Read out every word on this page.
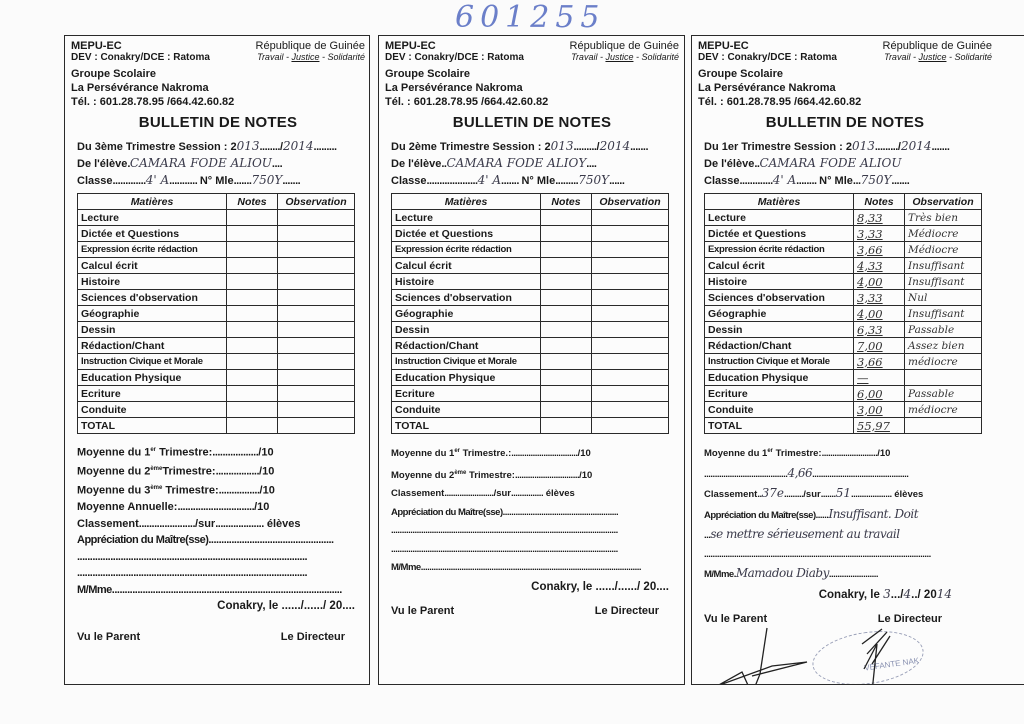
601255
MEPU-EC	République de Guinée
DEV : Conakry/DCE : Ratoma	Travail - Justice - Solidarité
Groupe Scolaire
La Persévérance Nakroma
Tél. : 601.28.78.95 /664.42.60.82
BULLETIN DE NOTES
Du 3ème Trimestre Session : 2013......../2014.........
De l'élève.CAMARA FODE ALIOU....
Classe.............4' A........... N° Mle.......750Y.......
Matières	Notes	Observation
Lecture		
Dictée et Questions		
Expression écrite rédaction		
Calcul écrit		
Histoire		
Sciences d'observation		
Géographie		
Dessin		
Rédaction/Chant		
Instruction Civique et Morale		
Education Physique		
Ecriture		
Conduite		
TOTAL		
Moyenne du 1er Trimestre:................../10
Moyenne du 2èmeTrimestre:................./10
Moyenne du 3ème Trimestre:................/10
Moyenne Annuelle:............................../10
Classement....................../sur................... élèves
Appréciation du Maître(sse).................................................
..........................................................................................
..........................................................................................
M/Mme..........................................................................................
Conakry, le ....../....../ 20....
Vu le Parent	Le Directeur
MEPU-EC	République de Guinée
DEV : Conakry/DCE : Ratoma	Travail - Justice - Solidarité
Groupe Scolaire
La Persévérance Nakroma
Tél. : 601.28.78.95 /664.42.60.82
BULLETIN DE NOTES
Du 2ème Trimestre Session : 2013........./2014.......
De l'élève..CAMARA FODE ALIOY....
Classe....................4' A....... N° Mle.........750Y......
Matières	Notes	Observation
Lecture		
Dictée et Questions		
Expression écrite rédaction		
Calcul écrit		
Histoire		
Sciences d'observation		
Géographie		
Dessin		
Rédaction/Chant		
Instruction Civique et Morale		
Education Physique		
Ecriture		
Conduite		
TOTAL		
Moyenne du 1er Trimestre.:.............................../10
Moyenne du 2ème Trimestre:............................../10
Classement......................./sur............... élèves
Appréciation du Maître(sse)......................................................
..........................................................................................................
..........................................................................................................
M/Mme.......................................................................................................
Conakry, le ....../....../ 20....
Vu le Parent	Le Directeur
MEPU-EC	République de Guinée
DEV : Conakry/DCE : Ratoma	Travail - Justice - Solidarité
Groupe Scolaire
La Persévérance Nakroma
Tél. : 601.28.78.95 /664.42.60.82
BULLETIN DE NOTES
Du 1er Trimestre Session : 2013........./2014.......
De l'élève..CAMARA FODE ALIOU
Classe.............4' A........ N° Mle...750Y.......
Matières	Notes	Observation
Lecture	8,33	Très bien
Dictée et Questions	3,33	Médiocre
Expression écrite rédaction	3,66	Médiocre
Calcul écrit	4,33	Insuffisant
Histoire	4,00	Insuffisant
Sciences d'observation	3,33	Nul
Géographie	4,00	Insuffisant
Dessin	6,33	Passable
Rédaction/Chant	7,00	Assez bien
Instruction Civique et Morale	3,66	médiocre
Education Physique	—	
Ecriture	6,00	Passable
Conduite	3,00	médiocre
TOTAL	55,97	
Moyenne du 1er Trimestre:........................../10
.......................................4,66.............................................
Classement..37e........./sur.......51................... élèves
Appréciation du Maître(sse)......Insuffisant. Doit
...se mettre sérieusement au travail
..........................................................................................................
M/Mme.Mamadou Diaby.......................
Conakry, le 3.../4../ 2014
Vu le Parent	Le Directeur
VEFANTE NAK
